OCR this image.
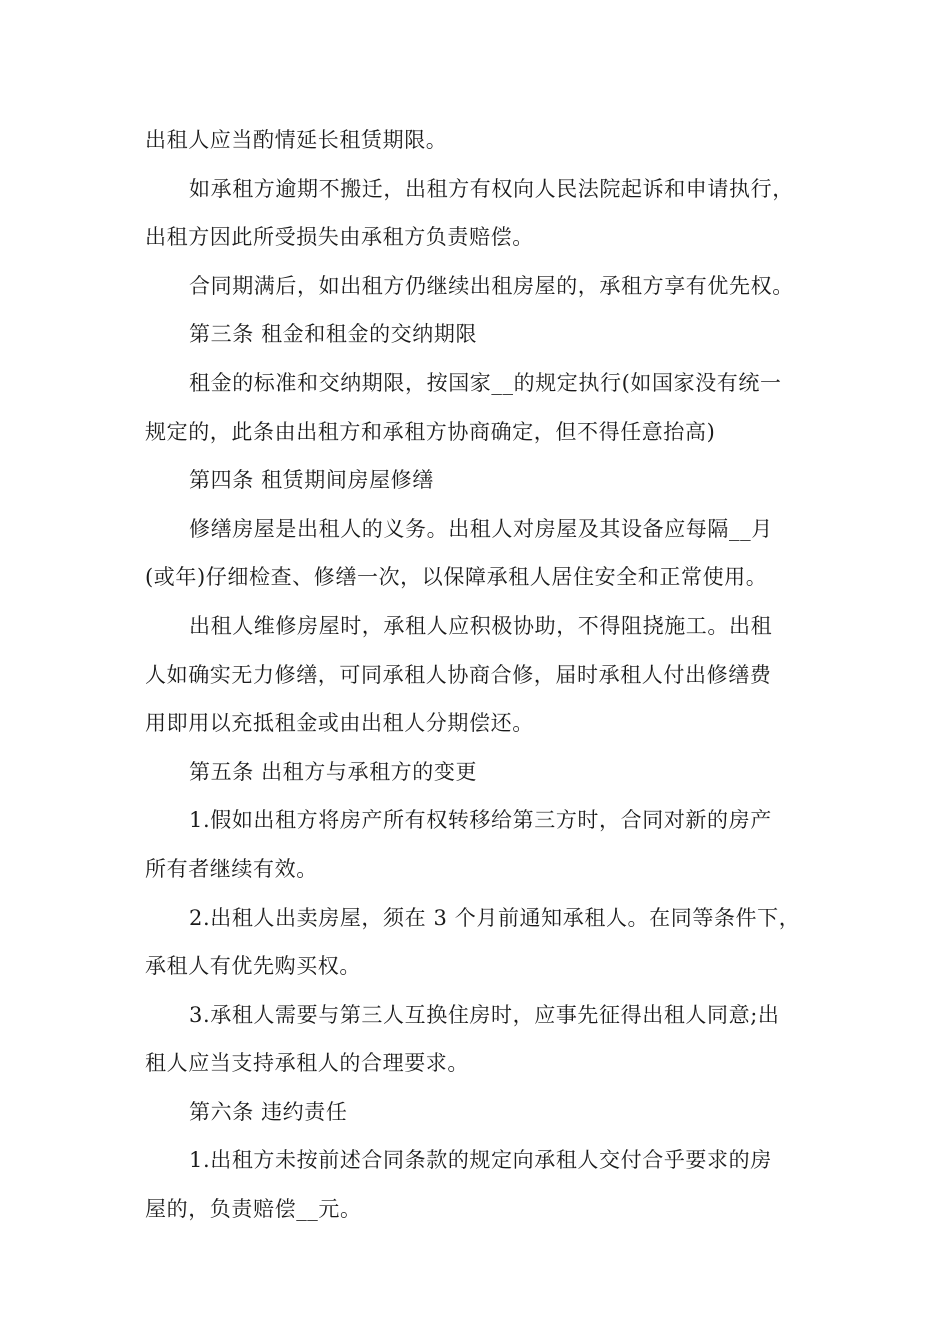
出租人应当酌情延长租赁期限。

如承租方逾期不搬迁，出租方有权向人民法院起诉和申请执行，

出租方因此所受损失由承租方负责赔偿。

合同期满后，如出租方仍继续出租房屋的，承租方享有优先权。

第三条 租金和租金的交纳期限

租金的标准和交纳期限，按国家__的规定执行(如国家没有统一

规定的，此条由出租方和承租方协商确定，但不得任意抬高)

第四条 租赁期间房屋修缮

修缮房屋是出租人的义务。出租人对房屋及其设备应每隔__月

(或年)仔细检查、修缮一次，以保障承租人居住安全和正常使用。

出租人维修房屋时，承租人应积极协助，不得阻挠施工。出租

人如确实无力修缮，可同承租人协商合修，届时承租人付出修缮费

用即用以充抵租金或由出租人分期偿还。

第五条 出租方与承租方的变更

1.假如出租方将房产所有权转移给第三方时，合同对新的房产

所有者继续有效。

2.出租人出卖房屋，须在 3 个月前通知承租人。在同等条件下，

承租人有优先购买权。

3.承租人需要与第三人互换住房时，应事先征得出租人同意;出

租人应当支持承租人的合理要求。

第六条 违约责任

1.出租方未按前述合同条款的规定向承租人交付合乎要求的房

屋的，负责赔偿__元。
